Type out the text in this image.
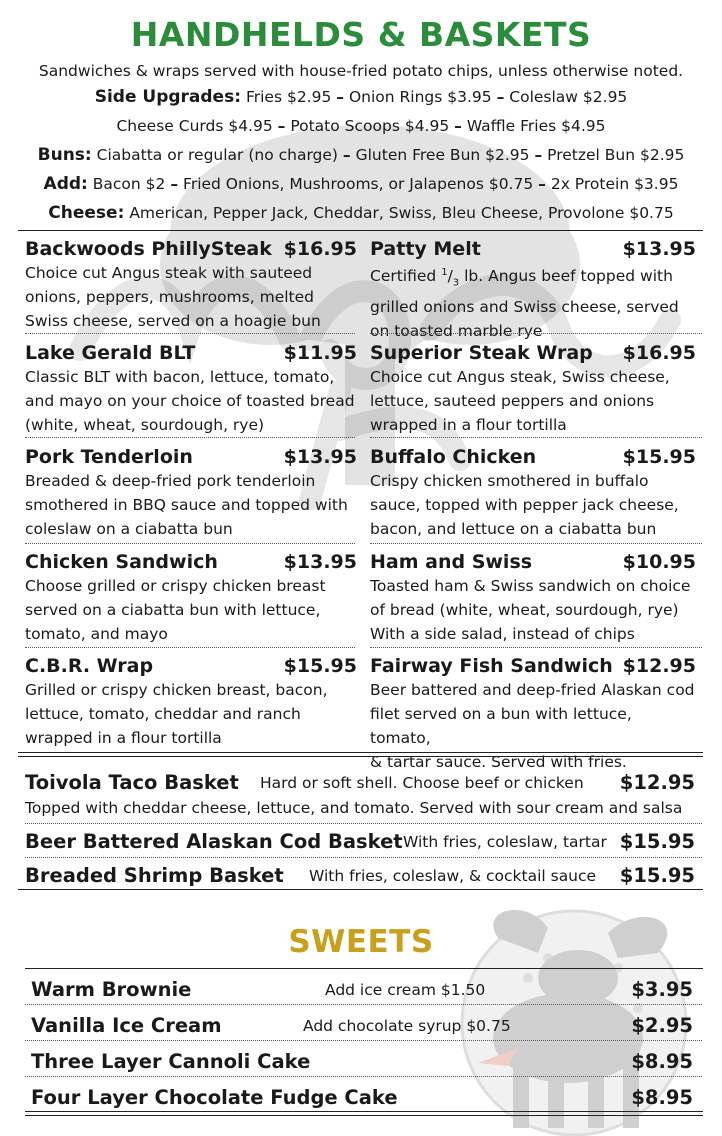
HANDHELDS & BASKETS
Sandwiches & wraps served with house-fried potato chips, unless otherwise noted.
Side Upgrades: Fries $2.95 – Onion Rings $3.95 – Coleslaw $2.95
Cheese Curds $4.95 – Potato Scoops $4.95 – Waffle Fries $4.95
Buns: Ciabatta or regular (no charge) – Gluten Free Bun $2.95 – Pretzel Bun $2.95
Add: Bacon $2 – Fried Onions, Mushrooms, or Jalapenos $0.75 – 2x Protein $3.95
Cheese: American, Pepper Jack, Cheddar, Swiss, Bleu Cheese, Provolone $0.75
Backwoods PhillySteak $16.95
Choice cut Angus steak with sauteed
onions, peppers, mushrooms, melted
Swiss cheese, served on a hoagie bun
Patty Melt	$13.95
Certified $^1/_3$ lb. Angus beef topped with
grilled onions and Swiss cheese, served
on toasted marble rye
Lake Gerald BLT	$11.95
Classic BLT with bacon, lettuce, tomato,
and mayo on your choice of toasted bread
(white, wheat, sourdough, rye)
Superior Steak Wrap $16.95
Choice cut Angus steak, Swiss cheese,
lettuce, sauteed peppers and onions
wrapped in a flour tortilla
Pork Tenderloin	$13.95
Breaded & deep-fried pork tenderloin
smothered in BBQ sauce and topped with
coleslaw on a ciabatta bun
Buffalo Chicken	$15.95
Crispy chicken smothered in buffalo
sauce, topped with pepper jack cheese,
bacon, and lettuce on a ciabatta bun
Chicken Sandwich	$13.95
Choose grilled or crispy chicken breast
served on a ciabatta bun with lettuce,
tomato, and mayo
Ham and Swiss	$10.95
Toasted ham & Swiss sandwich on choice
of bread (white, wheat, sourdough, rye)
With a side salad, instead of chips
C.B.R. Wrap	$15.95
Grilled or crispy chicken breast, bacon,
lettuce, tomato, cheddar and ranch
wrapped in a flour tortilla
Fairway Fish Sandwich $12.95
Beer battered and deep-fried Alaskan cod
filet served on a bun with lettuce, tomato,
& tartar sauce. Served with fries.
Toivola Taco Basket Hard or soft shell. Choose beef or chicken $12.95
Topped with cheddar cheese, lettuce, and tomato. Served with sour cream and salsa
Beer Battered Alaskan Cod Basket With fries, coleslaw, tartar $15.95
Breaded Shrimp Basket With fries, coleslaw, & cocktail sauce $15.95
SWEETS
Warm Brownie	Add ice cream $1.50	$3.95
Vanilla Ice Cream	Add chocolate syrup $0.75	$2.95
Three Layer Cannoli Cake	$8.95
Four Layer Chocolate Fudge Cake	$8.95
